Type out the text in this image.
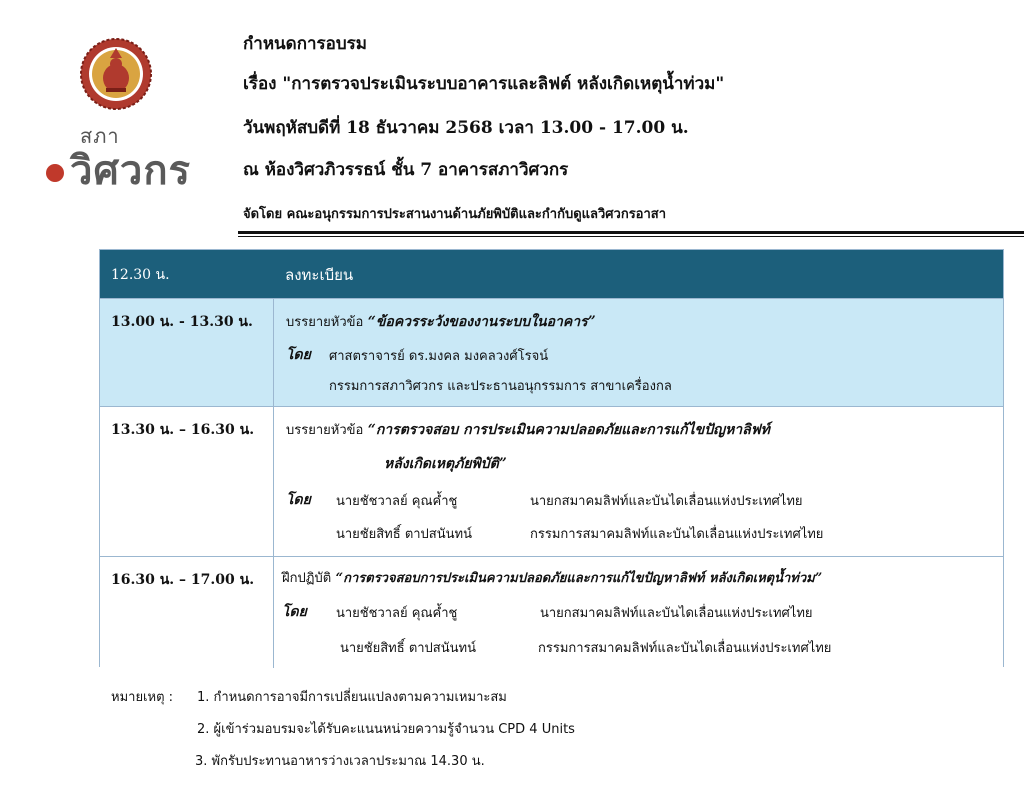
สภา
วิศวกร
กำหนดการอบรม
เรื่อง "การตรวจประเมินระบบอาคารและลิฟต์ หลังเกิดเหตุน้ำท่วม"
วันพฤหัสบดีที่ 18 ธันวาคม 2568 เวลา 13.00 - 17.00 น.
ณ ห้องวิศวภิวรรธน์ ชั้น 7 อาคารสภาวิศวกร
จัดโดย คณะอนุกรรมการประสานงานด้านภัยพิบัติและกำกับดูแลวิศวกรอาสา
12.30 น.	ลงทะเบียน
13.00 น. - 13.30 น.	บรรยายหัวข้อ “ข้อควรระวังของงานระบบในอาคาร”
โดย ศาสตราจารย์ ดร.มงคล มงคลวงศ์โรจน์
กรรมการสภาวิศวกร และประธานอนุกรรมการ สาขาเครื่องกล
13.30 น. – 16.30 น.	บรรยายหัวข้อ “การตรวจสอบ การประเมินความปลอดภัยและการแก้ไขปัญหาลิฟท์
หลังเกิดเหตุภัยพิบัติ”
โดย นายชัชวาลย์ คุณค้ำชู	นายกสมาคมลิฟท์และบันไดเลื่อนแห่งประเทศไทย
นายชัยสิทธิ์ ตาปสนันทน์	กรรมการสมาคมลิฟท์และบันไดเลื่อนแห่งประเทศไทย
16.30 น. – 17.00 น.	ฝึกปฏิบัติ “การตรวจสอบการประเมินความปลอดภัยและการแก้ไขปัญหาลิฟท์ หลังเกิดเหตุน้ำท่วม”
โดย นายชัชวาลย์ คุณค้ำชู	นายกสมาคมลิฟท์และบันไดเลื่อนแห่งประเทศไทย
นายชัยสิทธิ์ ตาปสนันทน์	กรรมการสมาคมลิฟท์และบันไดเลื่อนแห่งประเทศไทย
หมายเหตุ : 1. กำหนดการอาจมีการเปลี่ยนแปลงตามความเหมาะสม
2. ผู้เข้าร่วมอบรมจะได้รับคะแนนหน่วยความรู้จำนวน CPD 4 Units
3. พักรับประทานอาหารว่างเวลาประมาณ 14.30 น.
